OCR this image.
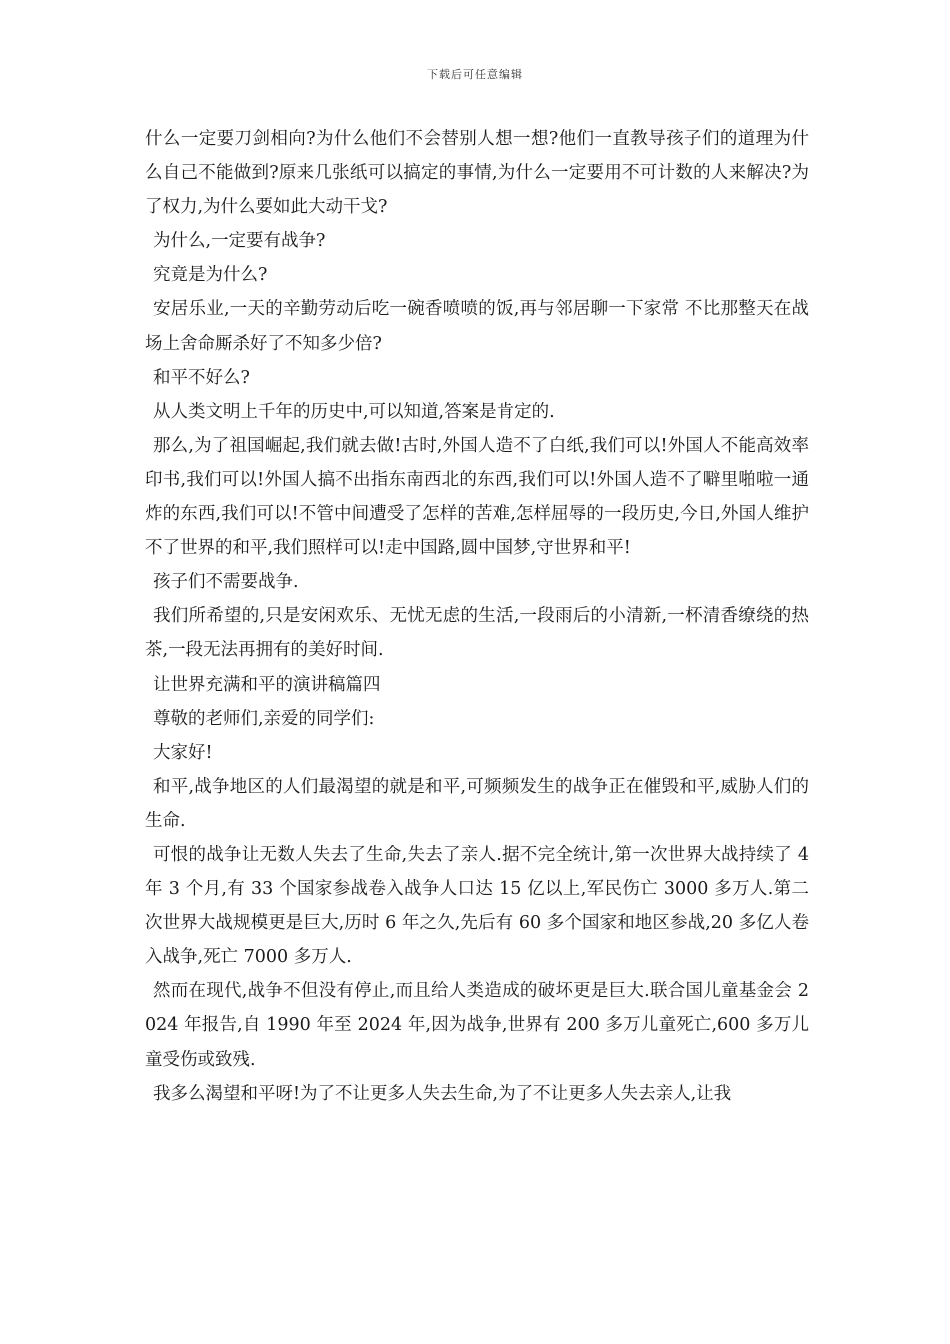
下载后可任意编辑

什么一定要刀剑相向?为什么他们不会替别人想一想?他们一直教导孩子们的道理为什么自己不能做到?原来几张纸可以搞定的事情,为什么一定要用不可计数的人来解决?为了权力,为什么要如此大动干戈?

为什么,一定要有战争?

究竟是为什么?

安居乐业,一天的辛勤劳动后吃一碗香喷喷的饭,再与邻居聊一下家常 不比那整天在战场上舍命厮杀好了不知多少倍?

和平不好么?

从人类文明上千年的历史中,可以知道,答案是肯定的.

那么,为了祖国崛起,我们就去做!古时,外国人造不了白纸,我们可以!外国人不能高效率印书,我们可以!外国人搞不出指东南西北的东西,我们可以!外国人造不了噼里啪啦一通炸的东西,我们可以!不管中间遭受了怎样的苦难,怎样屈辱的一段历史,今日,外国人维护不了世界的和平,我们照样可以!走中国路,圆中国梦,守世界和平!

孩子们不需要战争.

我们所希望的,只是安闲欢乐、无忧无虑的生活,一段雨后的小清新,一杯清香缭绕的热茶,一段无法再拥有的美好时间.

让世界充满和平的演讲稿篇四

尊敬的老师们,亲爱的同学们:

大家好!

和平,战争地区的人们最渴望的就是和平,可频频发生的战争正在催毁和平,威胁人们的生命.

可恨的战争让无数人失去了生命,失去了亲人.据不完全统计,第一次世界大战持续了 4 年 3 个月,有 33 个国家参战卷入战争人口达 15 亿以上,军民伤亡 3000 多万人.第二次世界大战规模更是巨大,历时 6 年之久,先后有 60 多个国家和地区参战,20 多亿人卷入战争,死亡 7000 多万人.

然而在现代,战争不但没有停止,而且给人类造成的破坏更是巨大.联合国儿童基金会 2024 年报告,自 1990 年至 2024 年,因为战争,世界有 200 多万儿童死亡,600 多万儿童受伤或致残.

我多么渴望和平呀!为了不让更多人失去生命,为了不让更多人失去亲人,让我
